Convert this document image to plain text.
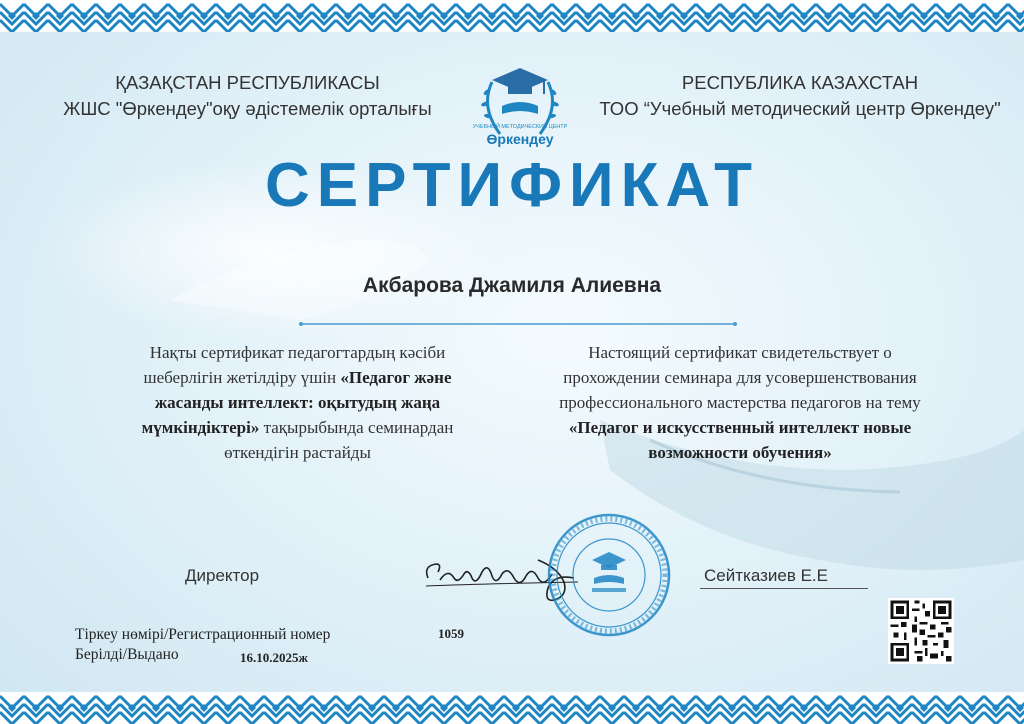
ҚАЗАҚСТАН РЕСПУБЛИКАСЫ
ЖШС "Өркендеу"оқу әдістемелік орталығы
РЕСПУБЛИКА КАЗАХСТАН
ТОО “Учебный методический центр Өркендеу"
УЧЕБНЫЙ МЕТОДИЧЕСКИЙ ЦЕНТР
Өркендеу
СЕРТИФИКАТ
Акбарова Джамиля Алиевна
Нақты сертификат педагогтардың кәсіби
шеберлігін жетілдіру үшін «Педагог және
жасанды интеллект: оқытудың жаңа
мүмкіндіктері» тақырыбында семинардан
өткендігін растайды
Настоящий сертификат свидетельствует о
прохождении семинара для усовершенствования
профессионального мастерства педагогов на тему
«Педагог и искусственный интеллект новые
возможности обучения»
Директор	Сейтказиев Е.Е
Тіркеу нөмірі/Регистрационный номер	1059
Берілді/Выдано	16.10.2025ж
